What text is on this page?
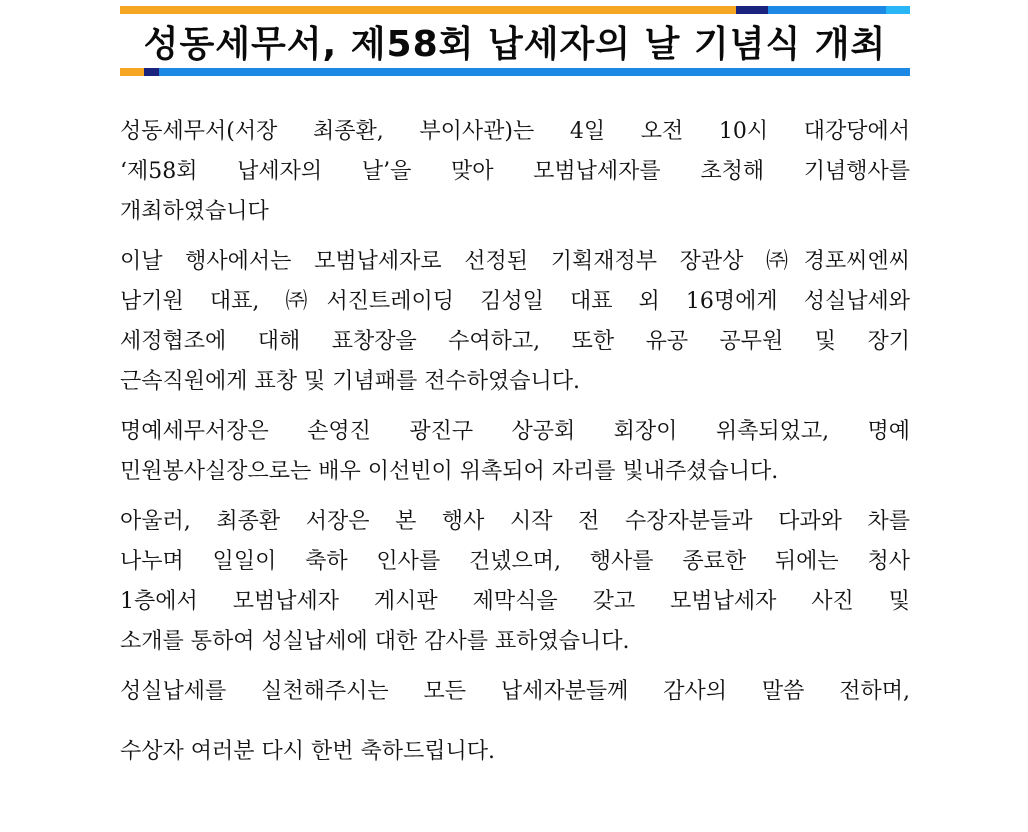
성동세무서, 제58회 납세자의 날 기념식 개최

성동세무서(서장 최종환, 부이사관)는 4일 오전 10시 대강당에서
‘제58회 납세자의 날’을 맞아 모범납세자를 초청해 기념행사를
개최하였습니다

이날 행사에서는 모범납세자로 선정된 기획재정부 장관상 ㈜경포씨엔씨
남기원 대표, ㈜서진트레이딩 김성일 대표 외 16명에게 성실납세와
세정협조에 대해 표창장을 수여하고, 또한 유공 공무원 및 장기
근속직원에게 표창 및 기념패를 전수하였습니다.

명예세무서장은 손영진 광진구 상공회 회장이 위촉되었고, 명예
민원봉사실장으로는 배우 이선빈이 위촉되어 자리를 빛내주셨습니다.

아울러, 최종환 서장은 본 행사 시작 전 수장자분들과 다과와 차를
나누며 일일이 축하 인사를 건넸으며, 행사를 종료한 뒤에는 청사
1층에서 모범납세자 게시판 제막식을 갖고 모범납세자 사진 및
소개를 통하여 성실납세에 대한 감사를 표하였습니다.

성실납세를 실천해주시는 모든 납세자분들께 감사의 말씀 전하며,

수상자 여러분 다시 한번 축하드립니다.
